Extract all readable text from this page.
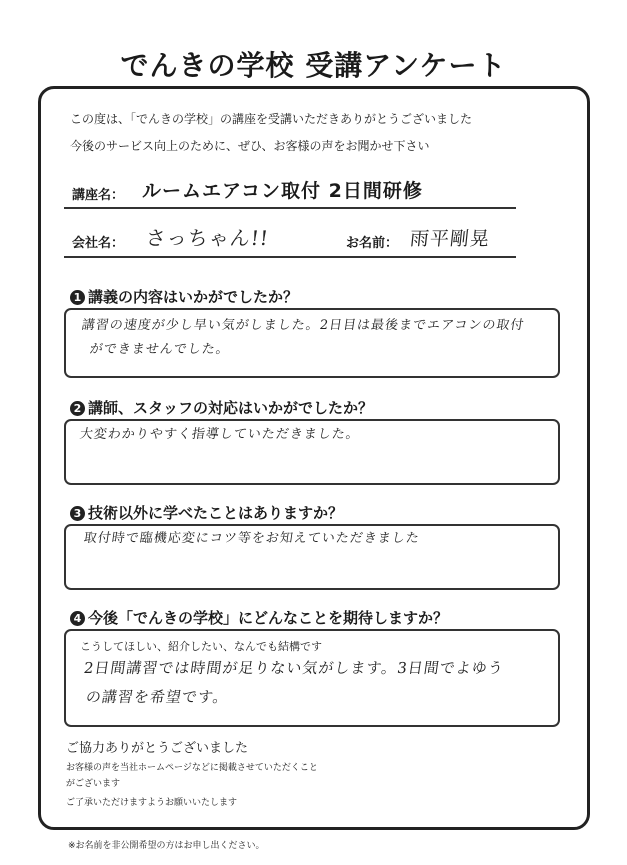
でんきの学校 受講アンケート
この度は、「でんきの学校」の講座を受講いただきありがとうございました
今後のサービス向上のために、ぜひ、お客様の声をお聞かせ下さい
講座名： ルームエアコン取付 2日間研修
会社名： さっちゃん!!	お名前： 雨平剛晃
1 講義の内容はいかがでしたか？
講習の速度が少し早い気がしました。2日目は最後までエアコンの取付
ができませんでした。
2 講師、スタッフの対応はいかがでしたか？
大変わかりやすく指導していただきました。
3 技術以外に学べたことはありますか？
取付時で臨機応変にコツ等をお知えていただきました
4 今後「でんきの学校」にどんなことを期待しますか？
こうしてほしい、紹介したい、なんでも結構です
2日間講習では時間が足りない気がします。3日間でよゆう
の講習を希望です。
ご協力ありがとうございました
お客様の声を当社ホームページなどに掲載させていただくこと
がございます
ご了承いただけますようお願いいたします
※お名前を非公開希望の方はお申し出ください。
